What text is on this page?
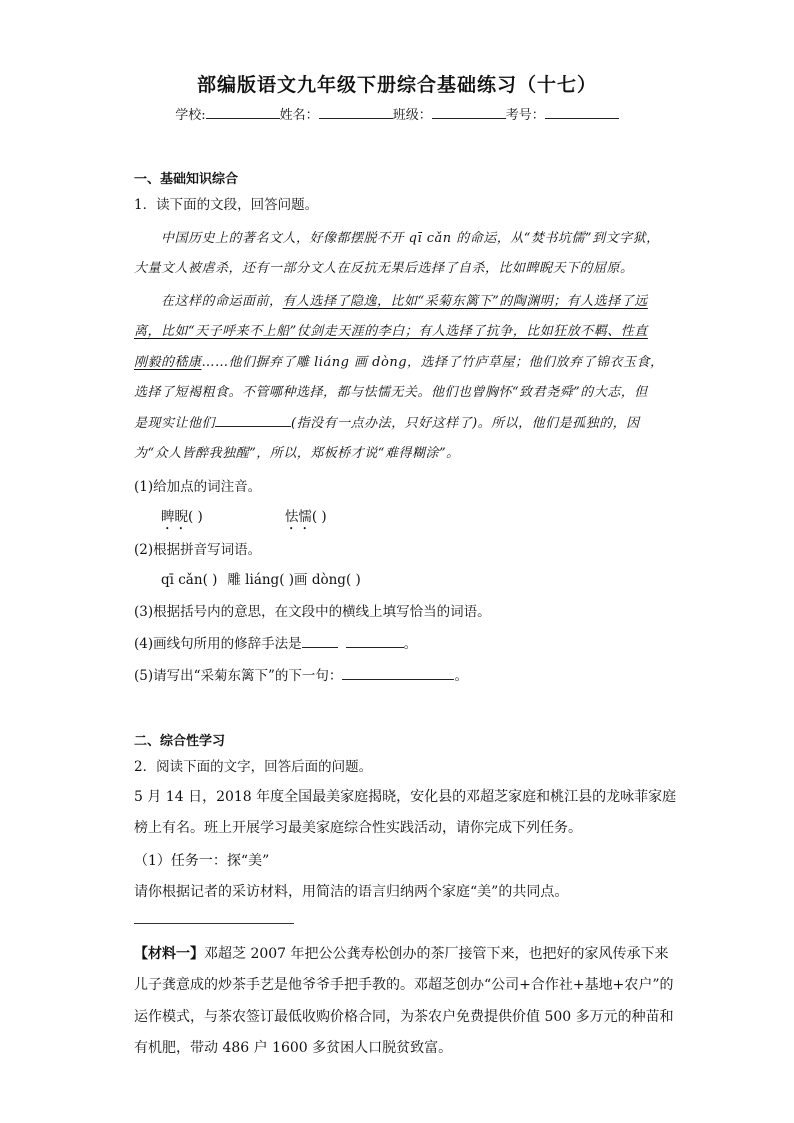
部编版语文九年级下册综合基础练习（十七）
学校:	姓名：	班级：	考号：
一、基础知识综合
1．读下面的文段，回答问题。
中国历史上的著名文人，好像都摆脱不开 qī cǎn 的命运，从“焚书坑儒”到文字狱，
大量文人被虐杀，还有一部分文人在反抗无果后选择了自杀，比如睥睨天下的屈原。
在这样的命运面前，有人选择了隐逸，比如“采菊东篱下”的陶渊明；有人选择了远
离，比如“天子呼来不上船”仗剑走天涯的李白；有人选择了抗争，比如狂放不羁、性直
刚毅的嵇康……他们摒弃了雕 liáng 画 dòng，选择了竹庐草屋；他们放弃了锦衣玉食，
选择了短褐粗食。不管哪种选择，都与怯懦无关。他们也曾胸怀“致君尧舜”的大志，但
是现实让他们	(指没有一点办法，只好这样了)。所以，他们是孤独的，因
为“众人皆醉我独醒”，所以，郑板桥才说“难得糊涂”。
(1)给加点的词注音。
睥睨( )	怯懦( )
(2)根据拼音写词语。
qī cǎn( ) 雕 liáng( )画 dòng( )
(3)根据括号内的意思，在文段中的横线上填写恰当的词语。
(4)画线句所用的修辞手法是	。
(5)请写出“采菊东篱下”的下一句：	。
二、综合性学习
2．阅读下面的文字，回答后面的问题。
5 月 14 日，2018 年度全国最美家庭揭晓，安化县的邓超芝家庭和桃江县的龙咏菲家庭
榜上有名。班上开展学习最美家庭综合性实践活动，请你完成下列任务。
（1）任务一：探“美”
请你根据记者的采访材料，用简洁的语言归纳两个家庭“美”的共同点。
【材料一】邓超芝 2007 年把公公龚寿松创办的茶厂接管下来，也把好的家风传承下来
儿子龚意成的炒茶手艺是他爷爷手把手教的。邓超芝创办“公司+合作社+基地+农户”的
运作模式，与茶农签订最低收购价格合同，为茶农户免费提供价值 500 多万元的种苗和
有机肥，带动 486 户 1600 多贫困人口脱贫致富。
